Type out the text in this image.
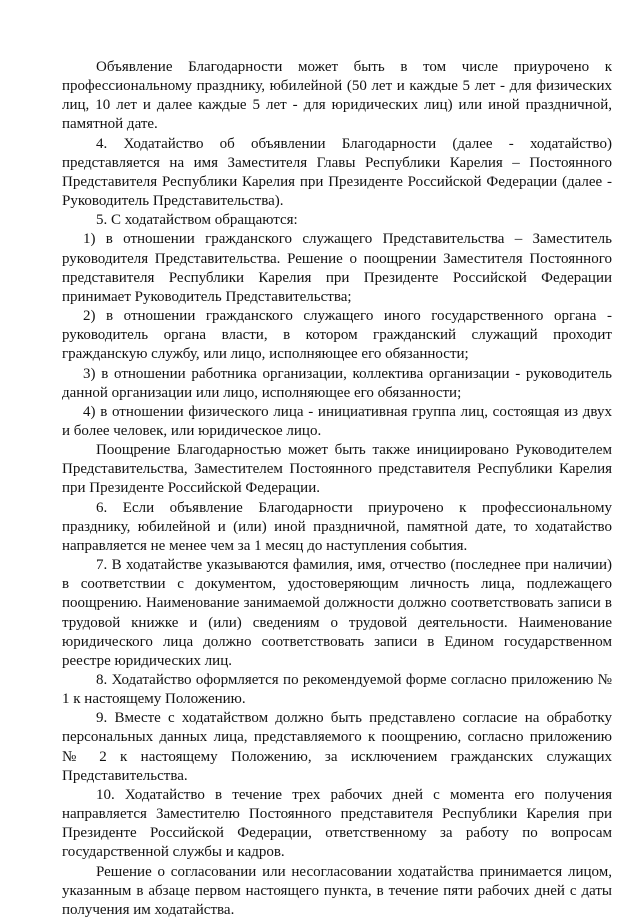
Объявление Благодарности может быть в том числе приурочено к профессиональному празднику, юбилейной (50 лет и каждые 5 лет - для физических лиц, 10 лет и далее каждые 5 лет - для юридических лиц) или иной праздничной, памятной дате.

4. Ходатайство об объявлении Благодарности (далее - ходатайство) представляется на имя Заместителя Главы Республики Карелия – Постоянного Представителя Республики Карелия при Президенте Российской Федерации (далее - Руководитель Представительства).

5. С ходатайством обращаются:

1) в отношении гражданского служащего Представительства – Заместитель руководителя Представительства. Решение о поощрении Заместителя Постоянного представителя Республики Карелия при Президенте Российской Федерации принимает Руководитель Представительства;

2) в отношении гражданского служащего иного государственного органа - руководитель органа власти, в котором гражданский служащий проходит гражданскую службу, или лицо, исполняющее его обязанности;

3) в отношении работника организации, коллектива организации - руководитель данной организации или лицо, исполняющее его обязанности;

4) в отношении физического лица - инициативная группа лиц, состоящая из двух и более человек, или юридическое лицо.

Поощрение Благодарностью может быть также инициировано Руководителем Представительства, Заместителем Постоянного представителя Республики Карелия при Президенте Российской Федерации.

6. Если объявление Благодарности приурочено к профессиональному празднику, юбилейной и (или) иной праздничной, памятной дате, то ходатайство направляется не менее чем за 1 месяц до наступления события.

7. В ходатайстве указываются фамилия, имя, отчество (последнее при наличии) в соответствии с документом, удостоверяющим личность лица, подлежащего поощрению. Наименование занимаемой должности должно соответствовать записи в трудовой книжке и (или) сведениям о трудовой деятельности. Наименование юридического лица должно соответствовать записи в Едином государственном реестре юридических лиц.

8. Ходатайство оформляется по рекомендуемой форме согласно приложению № 1 к настоящему Положению.

9. Вместе с ходатайством должно быть представлено согласие на обработку персональных данных лица, представляемого к поощрению, согласно приложению № 2 к настоящему Положению, за исключением гражданских служащих Представительства.

10. Ходатайство в течение трех рабочих дней с момента его получения направляется Заместителю Постоянного представителя Республики Карелия при Президенте Российской Федерации, ответственному за работу по вопросам государственной службы и кадров.

Решение о согласовании или несогласовании ходатайства принимается лицом, указанным в абзаце первом настоящего пункта, в течение пяти рабочих дней с даты получения им ходатайства.
